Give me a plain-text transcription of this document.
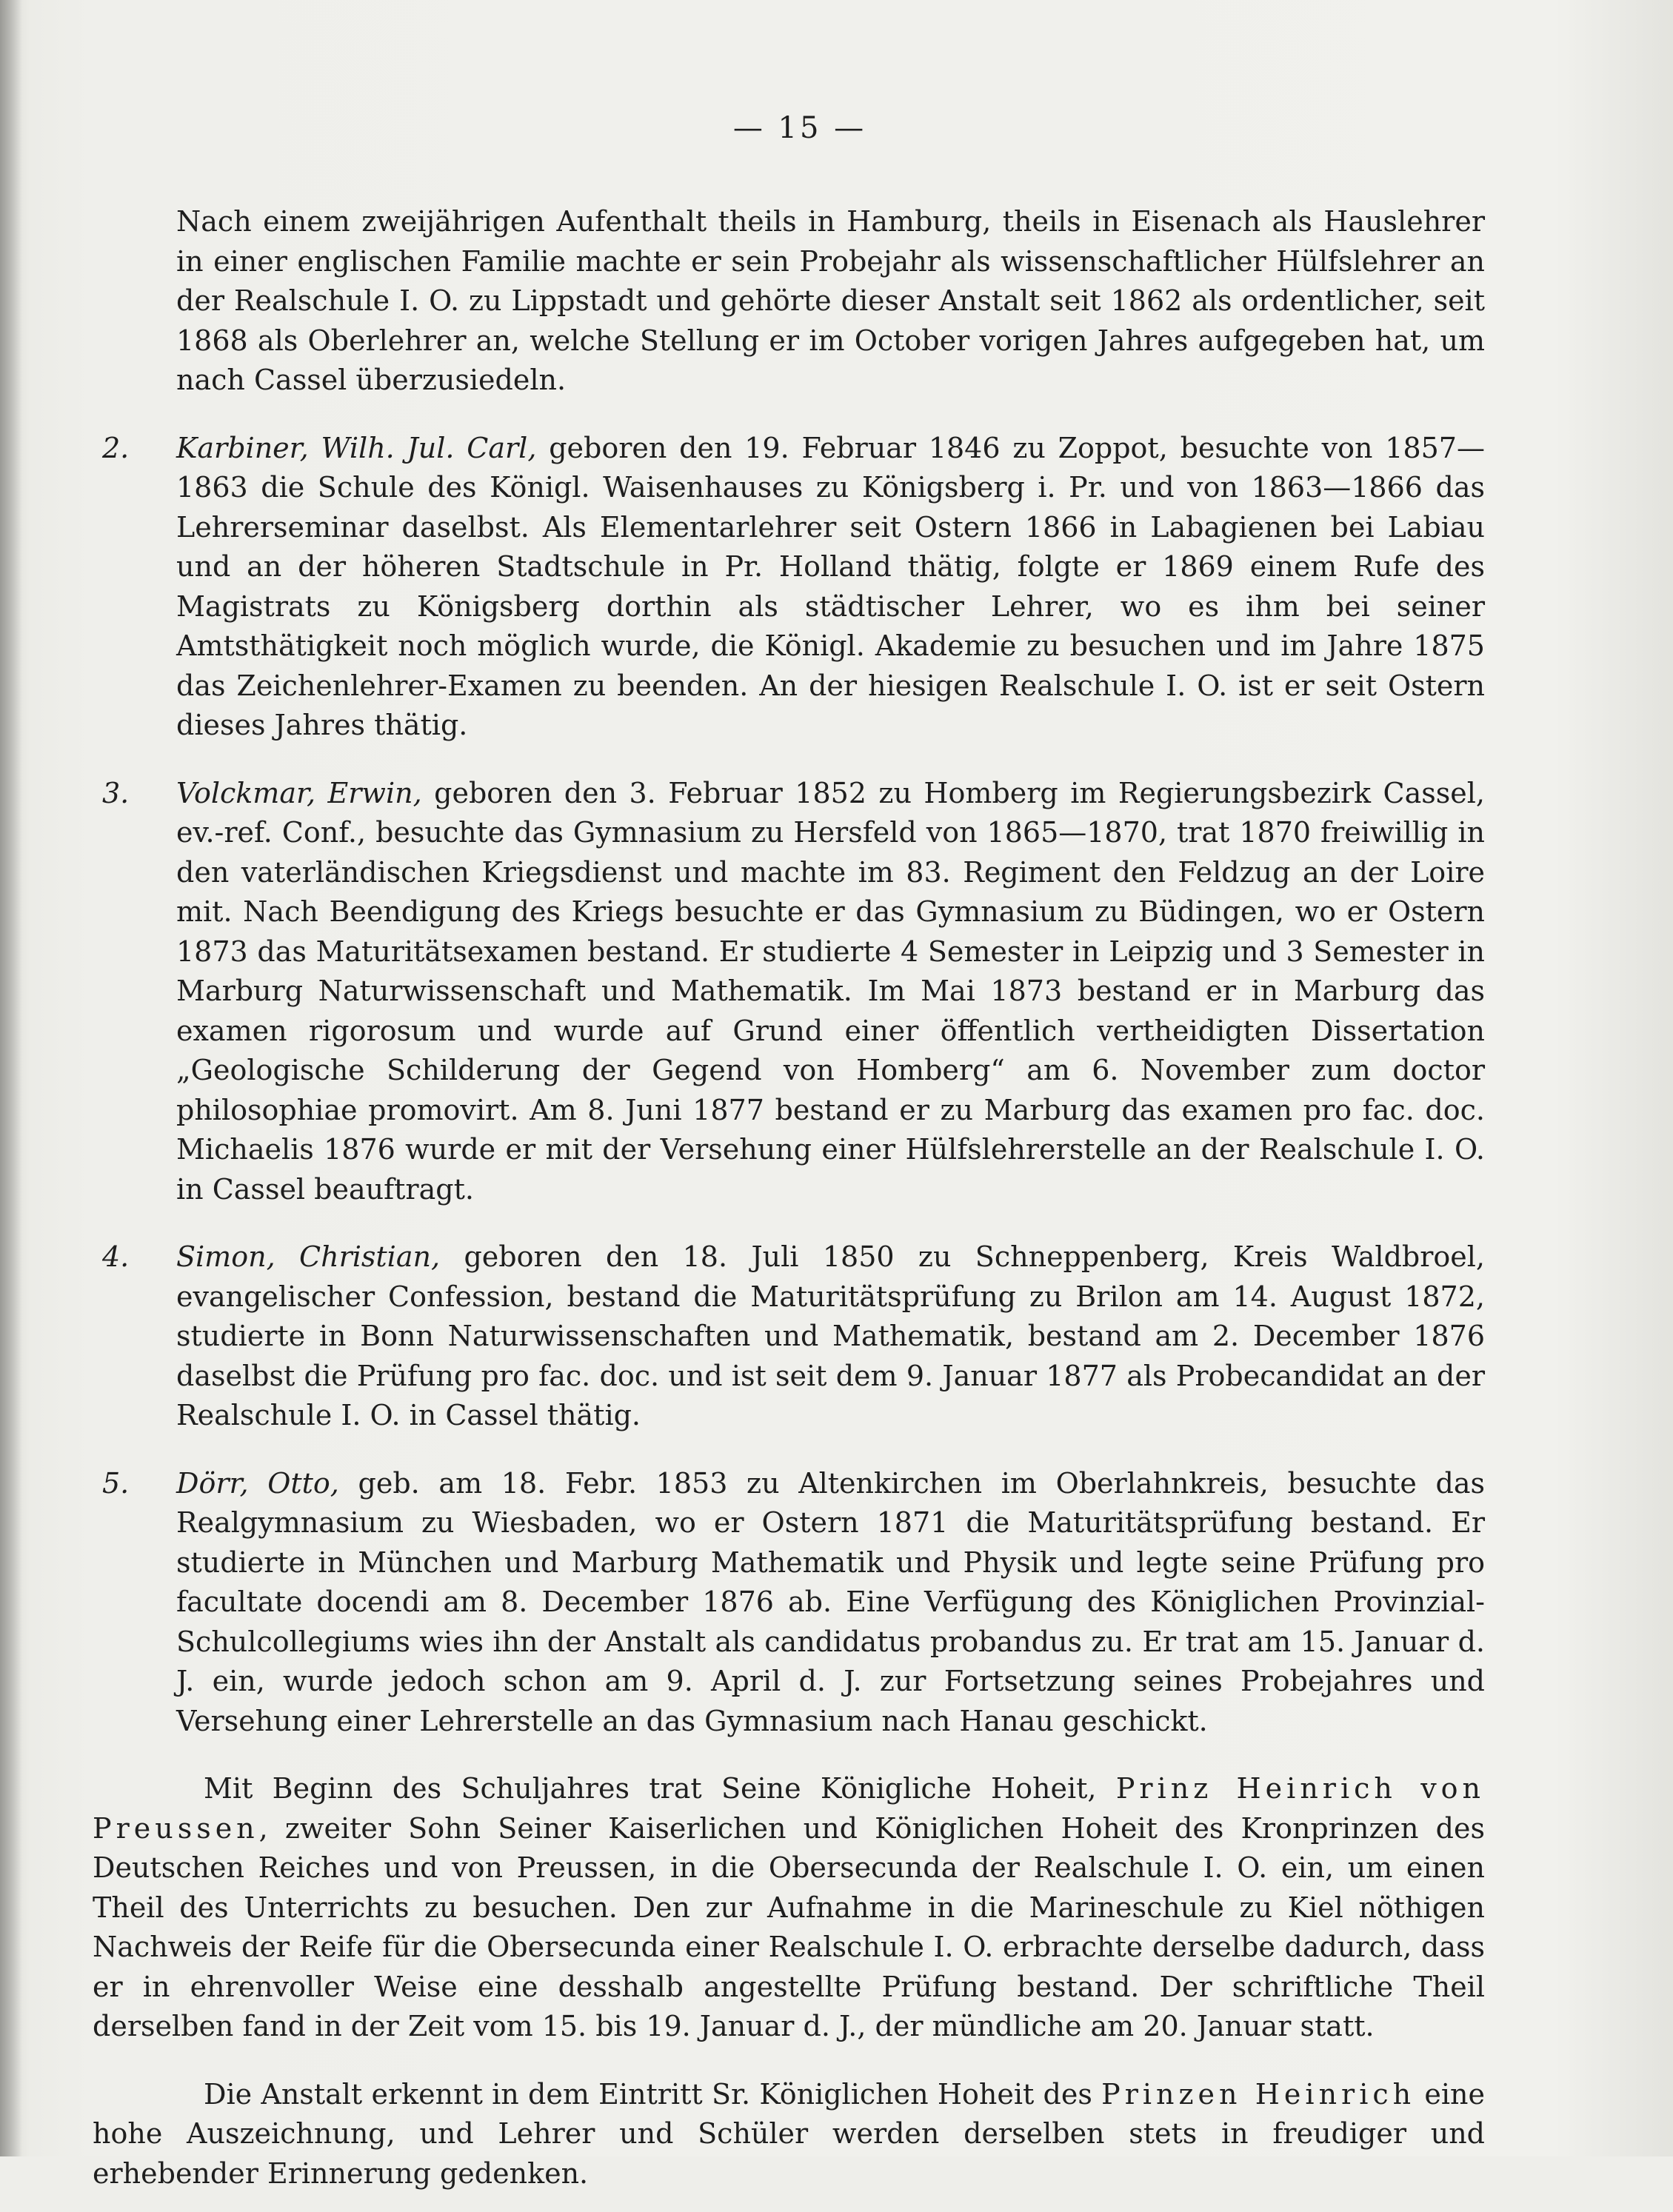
— 15 —

Nach einem zweijährigen Aufenthalt theils in Hamburg, theils in Eisenach als Hauslehrer in einer englischen Familie machte er sein Probejahr als wissenschaftlicher Hülfslehrer an der Realschule I. O. zu Lippstadt und gehörte dieser Anstalt seit 1862 als ordentlicher, seit 1868 als Oberlehrer an, welche Stellung er im October vorigen Jahres aufgegeben hat, um nach Cassel überzusiedeln.

2. Karbiner, Wilh. Jul. Carl, geboren den 19. Februar 1846 zu Zoppot, besuchte von 1857—1863 die Schule des Königl. Waisenhauses zu Königsberg i. Pr. und von 1863—1866 das Lehrerseminar daselbst. Als Elementarlehrer seit Ostern 1866 in Labagienen bei Labiau und an der höheren Stadtschule in Pr. Holland thätig, folgte er 1869 einem Rufe des Magistrats zu Königsberg dorthin als städtischer Lehrer, wo es ihm bei seiner Amtsthätigkeit noch möglich wurde, die Königl. Akademie zu besuchen und im Jahre 1875 das Zeichenlehrer-Examen zu beenden. An der hiesigen Realschule I. O. ist er seit Ostern dieses Jahres thätig.

3. Volckmar, Erwin, geboren den 3. Februar 1852 zu Homberg im Regierungsbezirk Cassel, ev.-ref. Conf., besuchte das Gymnasium zu Hersfeld von 1865—1870, trat 1870 freiwillig in den vaterländischen Kriegsdienst und machte im 83. Regiment den Feldzug an der Loire mit. Nach Beendigung des Kriegs besuchte er das Gymnasium zu Büdingen, wo er Ostern 1873 das Maturitätsexamen bestand. Er studierte 4 Semester in Leipzig und 3 Semester in Marburg Naturwissenschaft und Mathematik. Im Mai 1873 bestand er in Marburg das examen rigorosum und wurde auf Grund einer öffentlich vertheidigten Dissertation „Geologische Schilderung der Gegend von Homberg“ am 6. November zum doctor philosophiae promovirt. Am 8. Juni 1877 bestand er zu Marburg das examen pro fac. doc. Michaelis 1876 wurde er mit der Versehung einer Hülfslehrerstelle an der Realschule I. O. in Cassel beauftragt.

4. Simon, Christian, geboren den 18. Juli 1850 zu Schneppenberg, Kreis Waldbroel, evangelischer Confession, bestand die Maturitätsprüfung zu Brilon am 14. August 1872, studierte in Bonn Naturwissenschaften und Mathematik, bestand am 2. December 1876 daselbst die Prüfung pro fac. doc. und ist seit dem 9. Januar 1877 als Probecandidat an der Realschule I. O. in Cassel thätig.

5. Dörr, Otto, geb. am 18. Febr. 1853 zu Altenkirchen im Oberlahnkreis, besuchte das Realgymnasium zu Wiesbaden, wo er Ostern 1871 die Maturitätsprüfung bestand. Er studierte in München und Marburg Mathematik und Physik und legte seine Prüfung pro facultate docendi am 8. December 1876 ab. Eine Verfügung des Königlichen Provinzial-Schulcollegiums wies ihn der Anstalt als candidatus probandus zu. Er trat am 15. Januar d. J. ein, wurde jedoch schon am 9. April d. J. zur Fortsetzung seines Probejahres und Versehung einer Lehrerstelle an das Gymnasium nach Hanau geschickt.

Mit Beginn des Schuljahres trat Seine Königliche Hoheit, Prinz Heinrich von Preussen, zweiter Sohn Seiner Kaiserlichen und Königlichen Hoheit des Kronprinzen des Deutschen Reiches und von Preussen, in die Obersecunda der Realschule I. O. ein, um einen Theil des Unterrichts zu besuchen. Den zur Aufnahme in die Marineschule zu Kiel nöthigen Nachweis der Reife für die Obersecunda einer Realschule I. O. erbrachte derselbe dadurch, dass er in ehrenvoller Weise eine desshalb angestellte Prüfung bestand. Der schriftliche Theil derselben fand in der Zeit vom 15. bis 19. Januar d. J., der mündliche am 20. Januar statt.

Die Anstalt erkennt in dem Eintritt Sr. Königlichen Hoheit des Prinzen Heinrich eine hohe Auszeichnung, und Lehrer und Schüler werden derselben stets in freudiger und erhebender Erinnerung gedenken.
